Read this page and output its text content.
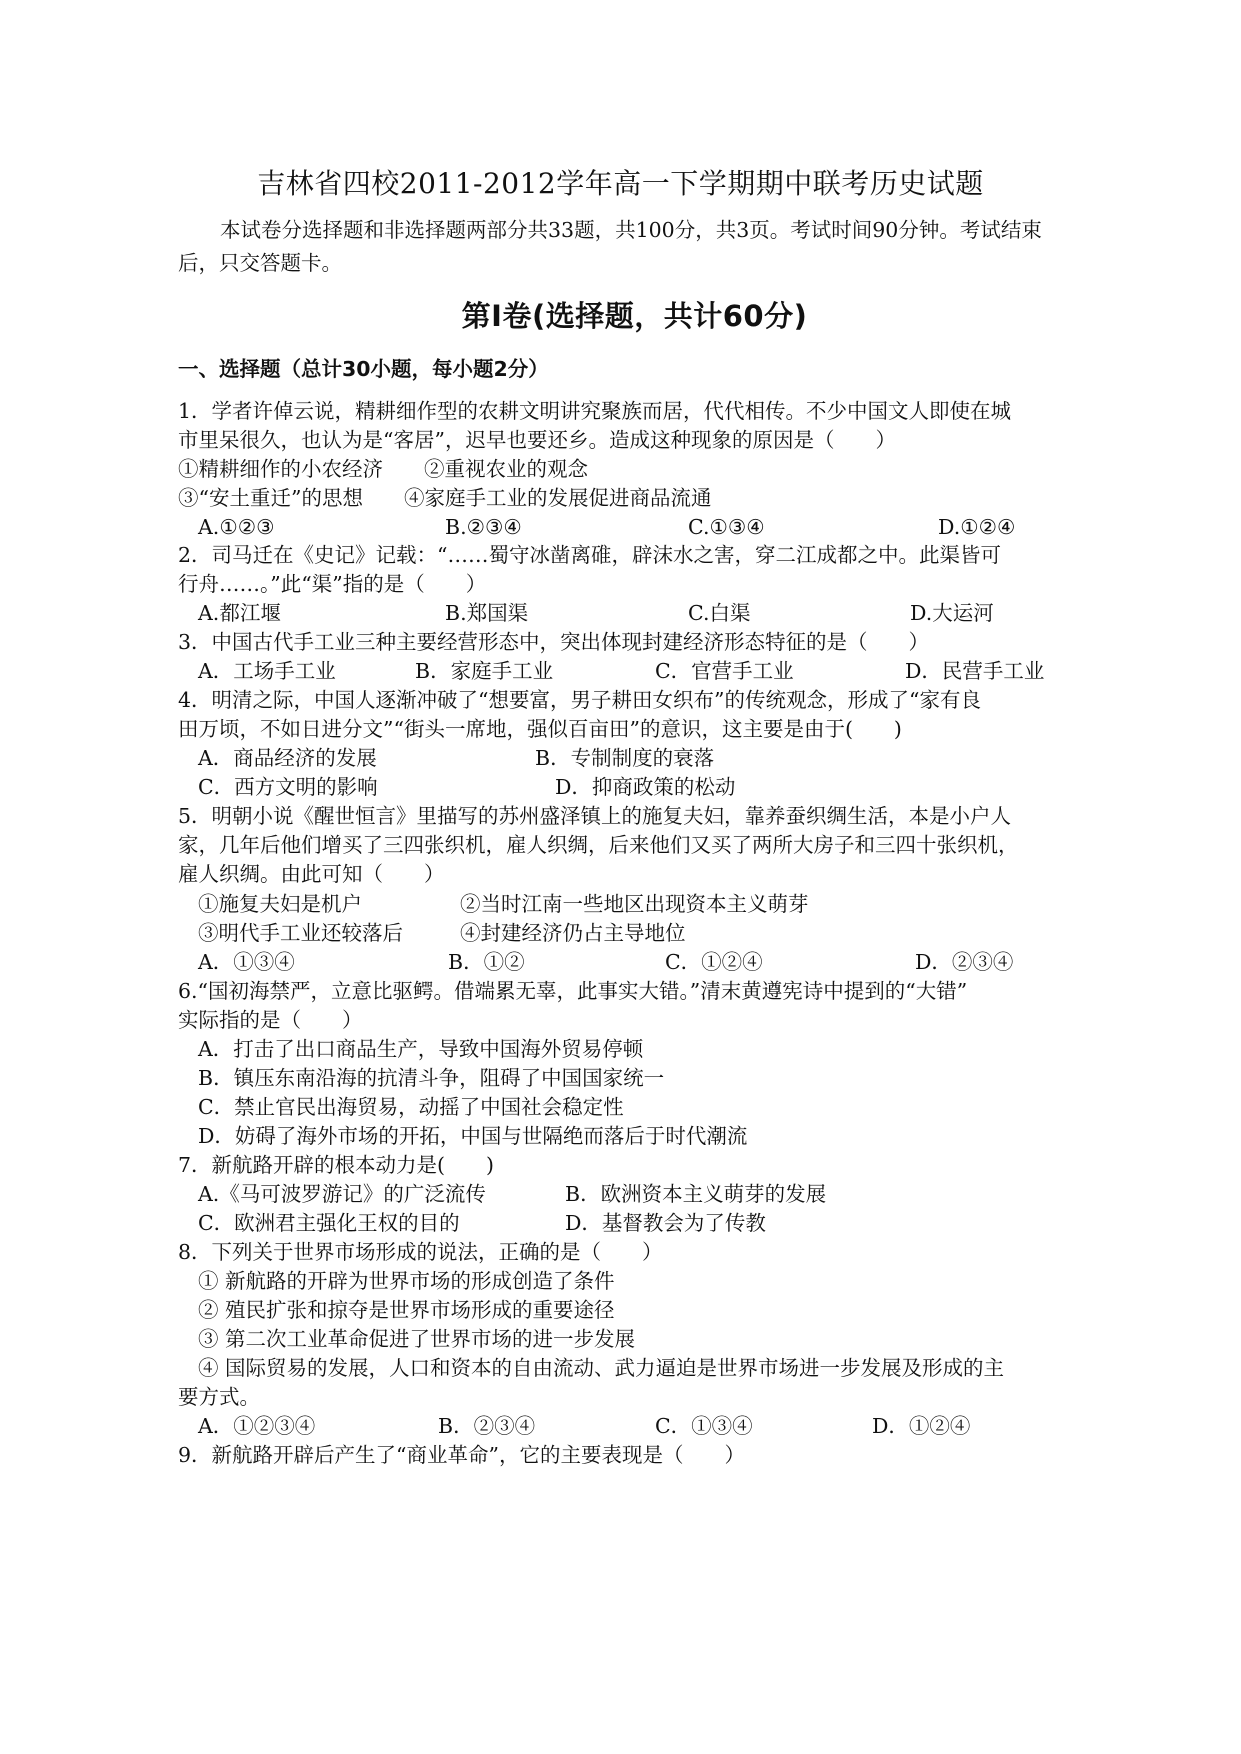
吉林省四校2011-2012学年高一下学期期中联考历史试题
本试卷分选择题和非选择题两部分共33题，共100分，共3页。考试时间90分钟。考试结束后，只交答题卡。
第Ⅰ卷(选择题，共计60分)
一、选择题（总计30小题，每小题2分）
1．学者许倬云说，精耕细作型的农耕文明讲究聚族而居，代代相传。不少中国文人即使在城
市里呆很久，也认为是“客居”，迟早也要还乡。造成这种现象的原因是（　　）
①精耕细作的小农经济　　②重视农业的观念
③“安土重迁”的思想　　④家庭手工业的发展促进商品流通
A.①②③	B.②③④	C.①③④	D.①②④
2．司马迁在《史记》记载：“……蜀守冰凿离碓，辟沫水之害，穿二江成都之中。此渠皆可
行舟……。”此“渠”指的是（　　）
A.都江堰	B.郑国渠	C.白渠	D.大运河
3．中国古代手工业三种主要经营形态中，突出体现封建经济形态特征的是（　　）
A．工场手工业	B．家庭手工业	C．官营手工业	D．民营手工业
4．明清之际，中国人逐渐冲破了“想要富，男子耕田女织布”的传统观念，形成了“家有良
田万顷，不如日进分文”“街头一席地，强似百亩田”的意识，这主要是由于(　　)
A．商品经济的发展	B．专制制度的衰落
C．西方文明的影响	D．抑商政策的松动
5．明朝小说《醒世恒言》里描写的苏州盛泽镇上的施复夫妇，靠养蚕织绸生活，本是小户人
家，几年后他们增买了三四张织机，雇人织绸，后来他们又买了两所大房子和三四十张织机，
雇人织绸。由此可知（　　）
①施复夫妇是机户	②当时江南一些地区出现资本主义萌芽
③明代手工业还较落后	④封建经济仍占主导地位
A．①③④	B．①②	C．①②④	D．②③④
6.“国初海禁严，立意比驱鳄。借端累无辜，此事实大错。”清末黄遵宪诗中提到的“大错”
实际指的是（　　）
A．打击了出口商品生产，导致中国海外贸易停顿
B．镇压东南沿海的抗清斗争，阻碍了中国国家统一
C．禁止官民出海贸易，动摇了中国社会稳定性
D．妨碍了海外市场的开拓，中国与世隔绝而落后于时代潮流
7．新航路开辟的根本动力是(　　)
A.《马可波罗游记》的广泛流传	B．欧洲资本主义萌芽的发展
C．欧洲君主强化王权的目的	D．基督教会为了传教
8．下列关于世界市场形成的说法，正确的是（　　）
① 新航路的开辟为世界市场的形成创造了条件
② 殖民扩张和掠夺是世界市场形成的重要途径
③ 第二次工业革命促进了世界市场的进一步发展
④ 国际贸易的发展，人口和资本的自由流动、武力逼迫是世界市场进一步发展及形成的主
要方式。
A．①②③④	B．②③④	C．①③④	D．①②④
9．新航路开辟后产生了“商业革命”，它的主要表现是（　　）
